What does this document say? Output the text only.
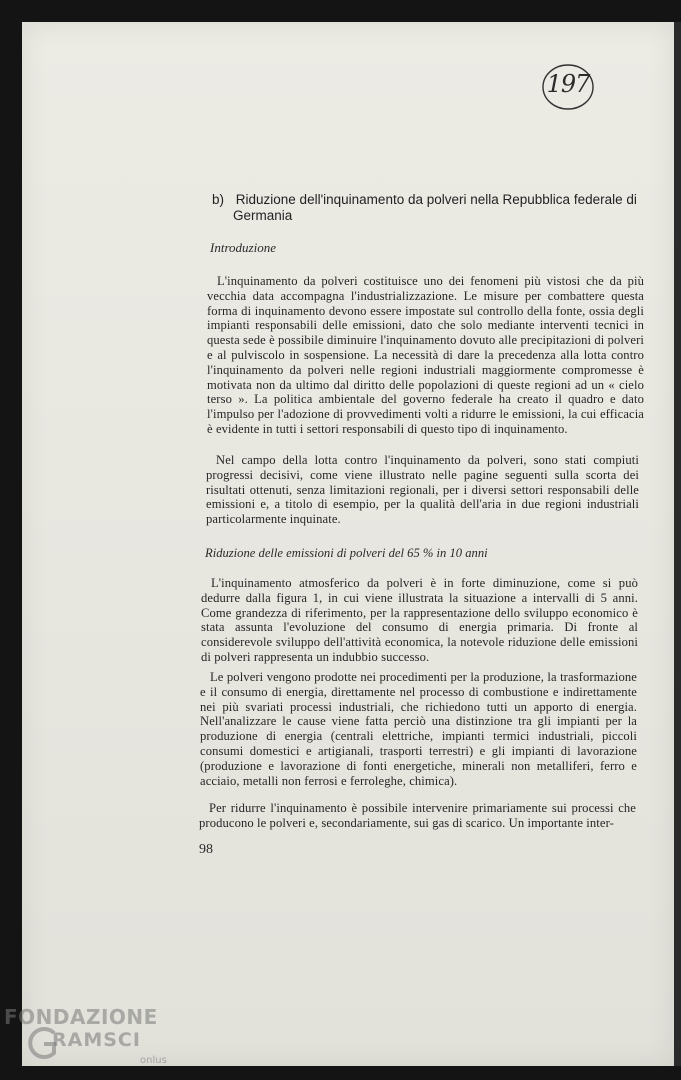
197
b) Riduzione dell'inquinamento da polveri nella Repubblica federale di
Germania
Introduzione

L'inquinamento da polveri costituisce uno dei fenomeni più vistosi che da più vecchia data accompagna l'industrializzazione. Le misure per combattere questa forma di inquinamento devono essere impostate sul controllo della fonte, ossia degli impianti responsabili delle emissioni, dato che solo mediante interventi tecnici in questa sede è possibile diminuire l'inquinamento dovuto alle precipitazioni di polveri e al pulviscolo in sospensione. La necessità di dare la precedenza alla lotta contro l'inquinamento da polveri nelle regioni industriali maggiormente compromesse è motivata non da ultimo dal diritto delle popolazioni di queste regioni ad un « cielo terso ». La politica ambientale del governo federale ha creato il quadro e dato l'impulso per l'adozione di provvedimenti volti a ridurre le emissioni, la cui efficacia è evidente in tutti i settori responsabili di questo tipo di inquinamento.

Nel campo della lotta contro l'inquinamento da polveri, sono stati compiuti progressi decisivi, come viene illustrato nelle pagine seguenti sulla scorta dei risultati ottenuti, senza limitazioni regionali, per i diversi settori responsabili delle emissioni e, a titolo di esempio, per la qualità dell'aria in due regioni industriali particolarmente inquinate.

Riduzione delle emissioni di polveri del 65 % in 10 anni

L'inquinamento atmosferico da polveri è in forte diminuzione, come si può dedurre dalla figura 1, in cui viene illustrata la situazione a intervalli di 5 anni. Come grandezza di riferimento, per la rappresentazione dello sviluppo economico è stata assunta l'evoluzione del consumo di energia primaria. Di fronte al considerevole sviluppo dell'attività economica, la notevole riduzione delle emissioni di polveri rappresenta un indubbio successo.

Le polveri vengono prodotte nei procedimenti per la produzione, la trasformazione e il consumo di energia, direttamente nel processo di combustione e indirettamente nei più svariati processi industriali, che richiedono tutti un apporto di energia. Nell'analizzare le cause viene fatta perciò una distinzione tra gli impianti per la produzione di energia (centrali elettriche, impianti termici industriali, piccoli consumi domestici e artigianali, trasporti terrestri) e gli impianti di lavorazione (produzione e lavorazione di fonti energetiche, minerali non metalliferi, ferro e acciaio, metalli non ferrosi e ferroleghe, chimica).

Per ridurre l'inquinamento è possibile intervenire primariamente sui processi che producono le polveri e, secondariamente, sui gas di scarico. Un importante inter-

98
FONDAZIONE
RAMSCI
onlus
